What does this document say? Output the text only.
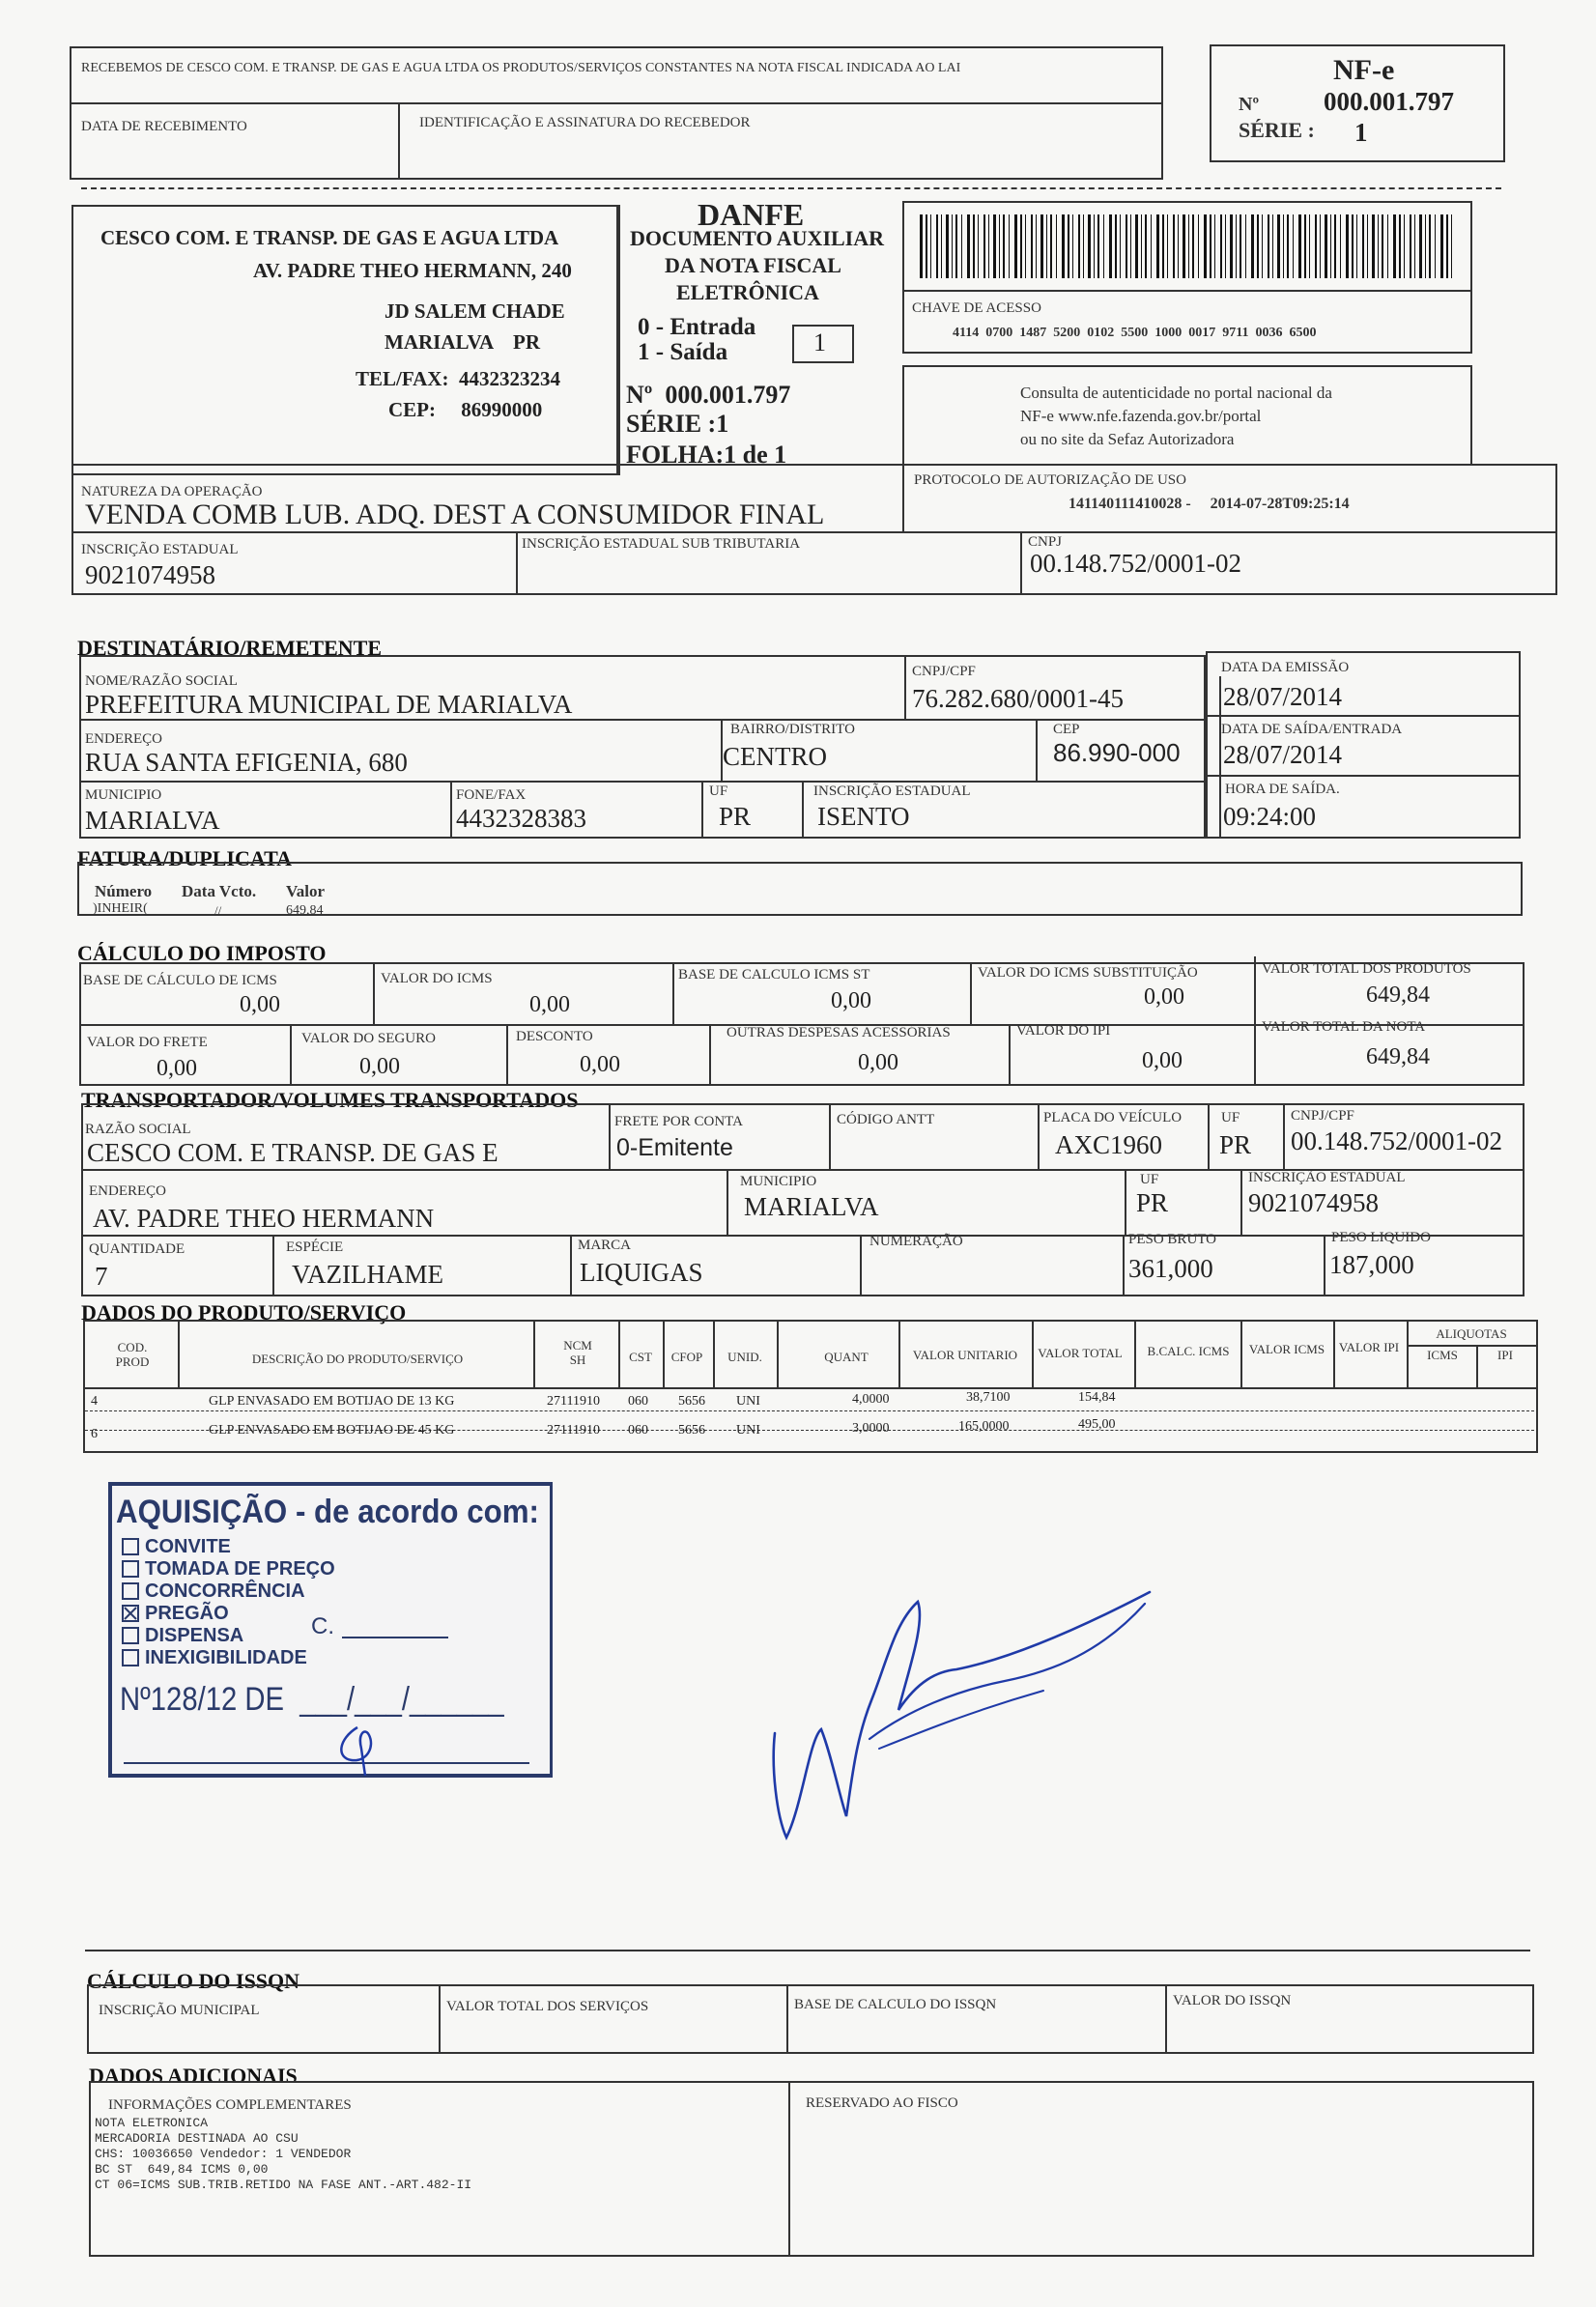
RECEBEMOS DE CESCO COM. E TRANSP. DE GAS E AGUA LTDA OS PRODUTOS/SERVIÇOS CONSTANTES NA NOTA FISCAL INDICADA AO LAI
DATA DE RECEBIMENTO	IDENTIFICAÇÃO E ASSINATURA DO RECEBEDOR
NF-e
Nº 000.001.797
SÉRIE : 1
CESCO COM. E TRANSP. DE GAS E AGUA LTDA
AV. PADRE THEO HERMANN, 240
JD SALEM CHADE
MARIALVA    PR
TEL/FAX:  4432323234
CEP:     86990000
DANFE
DOCUMENTO AUXILIAR
DA NOTA FISCAL
ELETRÔNICA
0 - Entrada
1 - Saída	1
Nº  000.001.797
SÉRIE :1
FOLHA:1 de 1
CHAVE DE ACESSO
4114  0700  1487  5200  0102  5500  1000  0017  9711  0036  6500
Consulta de autenticidade no portal nacional da
NF-e www.nfe.fazenda.gov.br/portal
ou no site da Sefaz Autorizadora
NATUREZA DA OPERAÇÃO
VENDA COMB LUB. ADQ. DEST A CONSUMIDOR FINAL
PROTOCOLO DE AUTORIZAÇÃO DE USO
141140111410028 -     2014-07-28T09:25:14
INSCRIÇÃO ESTADUAL
9021074958
INSCRIÇÃO ESTADUAL SUB TRIBUTARIA	CNPJ
00.148.752/0001-02
DESTINATÁRIO/REMETENTE
NOME/RAZÃO SOCIAL
PREFEITURA MUNICIPAL DE MARIALVA
CNPJ/CPF
76.282.680/0001-45
ENDEREÇO
RUA SANTA EFIGENIA, 680
BAIRRO/DISTRITO
CENTRO
CEP
86.990-000
MUNICIPIO
MARIALVA
FONE/FAX
4432328383
UF
PR
INSCRIÇÃO ESTADUAL
ISENTO
DATA DA EMISSÃO
28/07/2014
DATA DE SAÍDA/ENTRADA
28/07/2014
HORA DE SAÍDA.
09:24:00
FATURA/DUPLICATA
Número Data Vcto. Valor
)INHEIR(	//	649,84
CÁLCULO DO IMPOSTO
BASE DE CÁLCULO DE ICMS
0,00
VALOR DO ICMS
0,00
BASE DE CALCULO ICMS ST
0,00
VALOR DO ICMS SUBSTITUIÇÃO
0,00
VALOR TOTAL DOS PRODUTOS
649,84
VALOR DO FRETE
0,00
VALOR DO SEGURO
0,00
DESCONTO
0,00
OUTRAS DESPESAS ACESSÓRIAS
0,00
VALOR DO IPI
0,00
VALOR TOTAL DA NOTA
649,84
TRANSPORTADOR/VOLUMES TRANSPORTADOS
RAZÃO SOCIAL
CESCO COM. E TRANSP. DE GAS E
FRETE POR CONTA
0-Emitente
CÓDIGO ANTT	PLACA DO VEÍCULO
AXC1960
UF
PR
CNPJ/CPF
00.148.752/0001-02
ENDEREÇO
AV. PADRE THEO HERMANN
MUNICIPIO
MARIALVA
UF
PR
INSCRIÇÃO ESTADUAL
9021074958
QUANTIDADE
7
ESPÉCIE
VAZILHAME
MARCA
LIQUIGAS
NUMERAÇÃO	PESO BRUTO
361,000
PESO LIQUIDO
187,000
DADOS DO PRODUTO/SERVIÇO
COD.
PROD	DESCRIÇÃO DO PRODUTO/SERVIÇO
NCM
SH	CST	CFOP	UNID.	QUANT	VALOR UNITARIO	VALOR TOTAL	B.CALC. ICMS	VALOR ICMS	VALOR IPI
ALIQUOTAS
ICMS	IPI
4	GLP ENVASADO EM BOTIJAO DE 13 KG	27111910 060 5656 UNI	4,0000	38,7100	154,84
6	GLP ENVASADO EM BOTIJAO DE 45 KG	27111910 060 5656 UNI	3,0000	165,0000	495,00
AQUISIÇÃO - de acordo com:
CONVITE
TOMADA DE PREÇO
CONCORRÊNCIA
PREGÃO
DISPENSA
INEXIGIBILIDADE
C.
Nº128/12 DE  ___/___/______
CÁLCULO DO ISSQN
INSCRIÇÃO MUNICIPAL	VALOR TOTAL DOS SERVIÇOS	BASE DE CALCULO DO ISSQN	VALOR DO ISSQN
DADOS ADICIONAIS
INFORMAÇÕES COMPLEMENTARES
NOTA ELETRONICA
MERCADORIA DESTINADA AO CSU
CHS: 10036650 Vendedor: 1 VENDEDOR
BC ST  649,84 ICMS 0,00
CT 06=ICMS SUB.TRIB.RETIDO NA FASE ANT.-ART.482-II
RESERVADO AO FISCO
